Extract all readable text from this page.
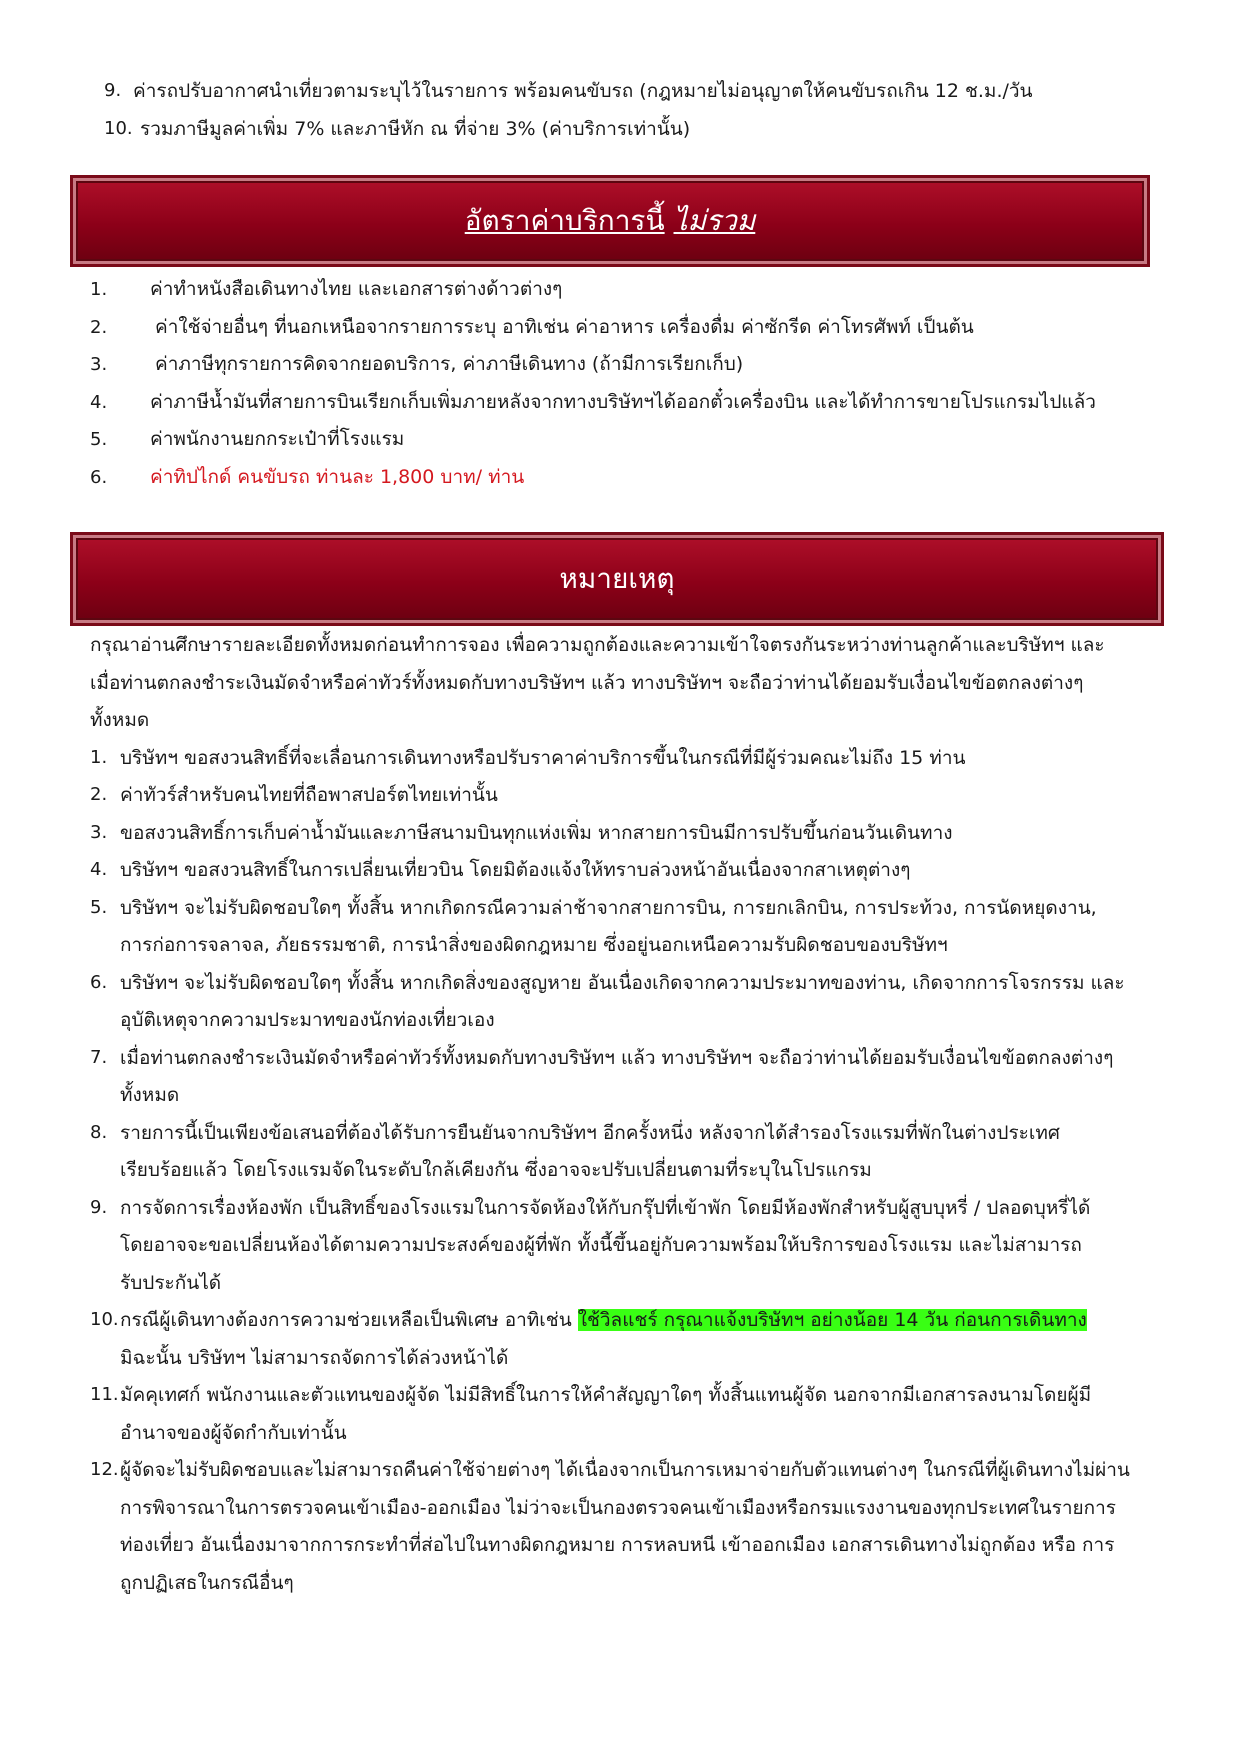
9. ค่ารถปรับอากาศนำเที่ยวตามระบุไว้ในรายการ พร้อมคนขับรถ (กฎหมายไม่อนุญาตให้คนขับรถเกิน 12 ช.ม./วัน
10. รวมภาษีมูลค่าเพิ่ม 7% และภาษีหัก ณ ที่จ่าย 3% (ค่าบริการเท่านั้น)
อัตราค่าบริการนี้
ไม่รวม
1. ค่าทำหนังสือเดินทางไทย และเอกสารต่างด้าวต่างๆ
2.	ค่าใช้จ่ายอื่นๆ ที่นอกเหนือจากรายการระบุ อาทิเช่น ค่าอาหาร เครื่องดื่ม ค่าซักรีด ค่าโทรศัพท์ เป็นต้น
3.	ค่าภาษีทุกรายการคิดจากยอดบริการ, ค่าภาษีเดินทาง (ถ้ามีการเรียกเก็บ)
4. ค่าภาษีน้ำมันที่สายการบินเรียกเก็บเพิ่มภายหลังจากทางบริษัทฯได้ออกตั๋วเครื่องบิน และได้ทำการขายโปรแกรมไปแล้ว
5. ค่าพนักงานยกกระเป๋าที่โรงแรม
6. ค่าทิปไกด์ คนขับรถ ท่านละ 1,800 บาท/ ท่าน
หมายเหตุ
กรุณาอ่านศึกษารายละเอียดทั้งหมดก่อนทำการจอง เพื่อความถูกต้องและความเข้าใจตรงกันระหว่างท่านลูกค้าและบริษัทฯ และ
เมื่อท่านตกลงชำระเงินมัดจำหรือค่าทัวร์ทั้งหมดกับทางบริษัทฯ แล้ว ทางบริษัทฯ จะถือว่าท่านได้ยอมรับเงื่อนไขข้อตกลงต่างๆ
ทั้งหมด
1. บริษัทฯ ขอสงวนสิทธิ์ที่จะเลื่อนการเดินทางหรือปรับราคาค่าบริการขึ้นในกรณีที่มีผู้ร่วมคณะไม่ถึง 15 ท่าน
2. ค่าทัวร์สำหรับคนไทยที่ถือพาสปอร์ตไทยเท่านั้น
3. ขอสงวนสิทธิ์การเก็บค่าน้ำมันและภาษีสนามบินทุกแห่งเพิ่ม หากสายการบินมีการปรับขึ้นก่อนวันเดินทาง
4. บริษัทฯ ขอสงวนสิทธิ์ในการเปลี่ยนเที่ยวบิน โดยมิต้องแจ้งให้ทราบล่วงหน้าอันเนื่องจากสาเหตุต่างๆ
5. บริษัทฯ จะไม่รับผิดชอบใดๆ ทั้งสิ้น หากเกิดกรณีความล่าช้าจากสายการบิน, การยกเลิกบิน, การประท้วง, การนัดหยุดงาน,
การก่อการจลาจล, ภัยธรรมชาติ, การนำสิ่งของผิดกฎหมาย ซึ่งอยู่นอกเหนือความรับผิดชอบของบริษัทฯ
6. บริษัทฯ จะไม่รับผิดชอบใดๆ ทั้งสิ้น หากเกิดสิ่งของสูญหาย อันเนื่องเกิดจากความประมาทของท่าน, เกิดจากการโจรกรรม และ
อุบัติเหตุจากความประมาทของนักท่องเที่ยวเอง
7. เมื่อท่านตกลงชำระเงินมัดจำหรือค่าทัวร์ทั้งหมดกับทางบริษัทฯ แล้ว ทางบริษัทฯ จะถือว่าท่านได้ยอมรับเงื่อนไขข้อตกลงต่างๆ
ทั้งหมด
8. รายการนี้เป็นเพียงข้อเสนอที่ต้องได้รับการยืนยันจากบริษัทฯ อีกครั้งหนึ่ง หลังจากได้สำรองโรงแรมที่พักในต่างประเทศ
เรียบร้อยแล้ว โดยโรงแรมจัดในระดับใกล้เคียงกัน ซึ่งอาจจะปรับเปลี่ยนตามที่ระบุในโปรแกรม
9. การจัดการเรื่องห้องพัก เป็นสิทธิ์ของโรงแรมในการจัดห้องให้กับกรุ๊ปที่เข้าพัก โดยมีห้องพักสำหรับผู้สูบบุหรี่ / ปลอดบุหรี่ได้
โดยอาจจะขอเปลี่ยนห้องได้ตามความประสงค์ของผู้ที่พัก ทั้งนี้ขึ้นอยู่กับความพร้อมให้บริการของโรงแรม และไม่สามารถ
รับประกันได้
10. กรณีผู้เดินทางต้องการความช่วยเหลือเป็นพิเศษ อาทิเช่น ใช้วิลแชร์ กรุณาแจ้งบริษัทฯ อย่างน้อย 14 วัน ก่อนการเดินทาง
มิฉะนั้น บริษัทฯ ไม่สามารถจัดการได้ล่วงหน้าได้
11. มัคคุเทศก์ พนักงานและตัวแทนของผู้จัด ไม่มีสิทธิ์ในการให้คำสัญญาใดๆ ทั้งสิ้นแทนผู้จัด นอกจากมีเอกสารลงนามโดยผู้มี
อำนาจของผู้จัดกำกับเท่านั้น
12. ผู้จัดจะไม่รับผิดชอบและไม่สามารถคืนค่าใช้จ่ายต่างๆ ได้เนื่องจากเป็นการเหมาจ่ายกับตัวแทนต่างๆ ในกรณีที่ผู้เดินทางไม่ผ่าน
การพิจารณาในการตรวจคนเข้าเมือง-ออกเมือง ไม่ว่าจะเป็นกองตรวจคนเข้าเมืองหรือกรมแรงงานของทุกประเทศในรายการ
ท่องเที่ยว อันเนื่องมาจากการกระทำที่ส่อไปในทางผิดกฎหมาย การหลบหนี เข้าออกเมือง เอกสารเดินทางไม่ถูกต้อง หรือ การ
ถูกปฏิเสธในกรณีอื่นๆ
